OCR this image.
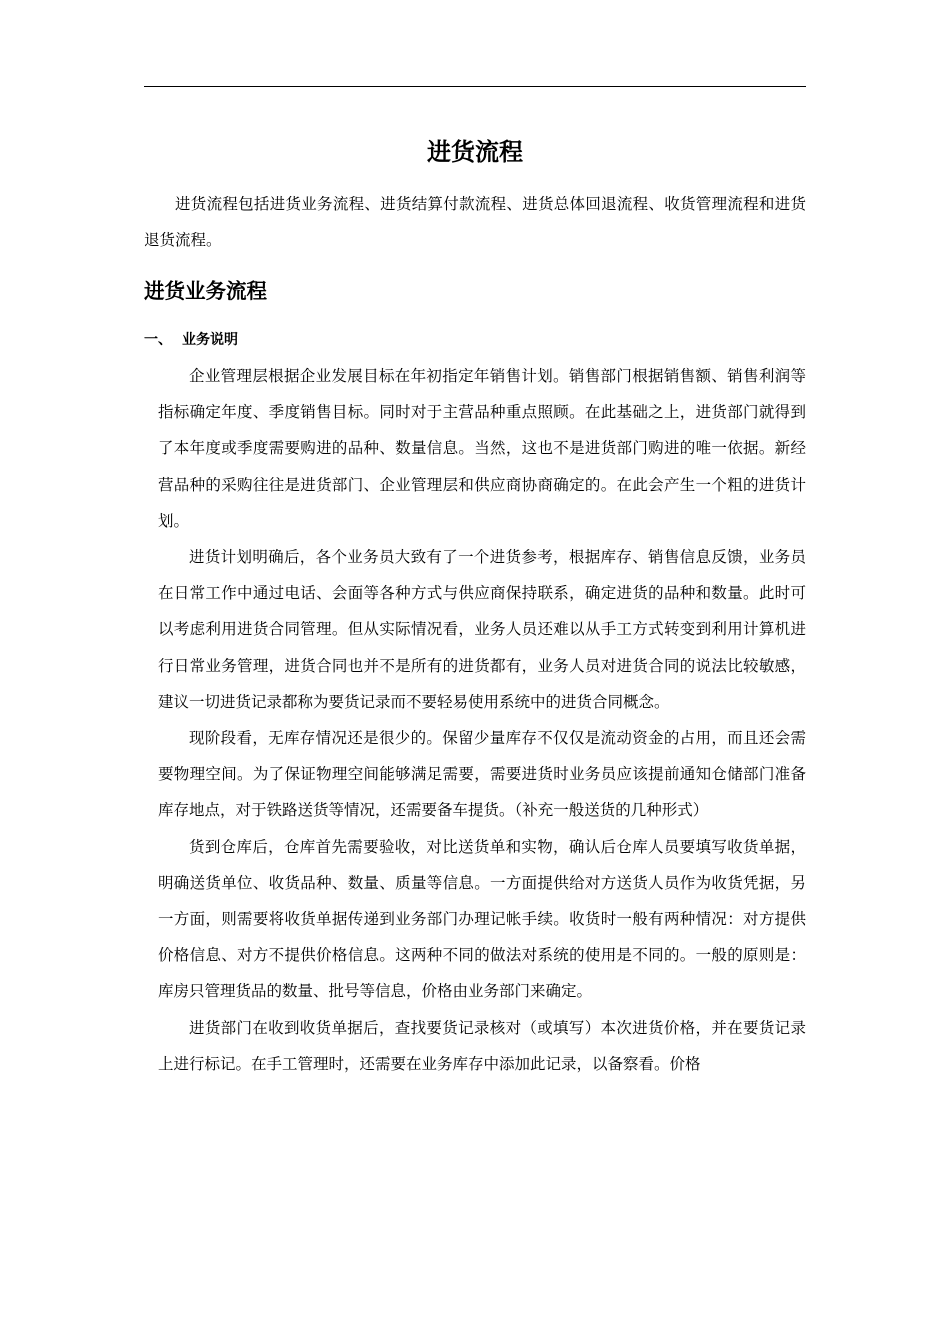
进货流程

进货流程包括进货业务流程、进货结算付款流程、进货总体回退流程、收货管理流程和进货退货流程。

进货业务流程
一、 业务说明

企业管理层根据企业发展目标在年初指定年销售计划。销售部门根据销售额、销售利润等指标确定年度、季度销售目标。同时对于主营品种重点照顾。在此基础之上，进货部门就得到了本年度或季度需要购进的品种、数量信息。当然，这也不是进货部门购进的唯一依据。新经营品种的采购往往是进货部门、企业管理层和供应商协商确定的。在此会产生一个粗的进货计划。

进货计划明确后，各个业务员大致有了一个进货参考，根据库存、销售信息反馈，业务员在日常工作中通过电话、会面等各种方式与供应商保持联系，确定进货的品种和数量。此时可以考虑利用进货合同管理。但从实际情况看，业务人员还难以从手工方式转变到利用计算机进行日常业务管理，进货合同也并不是所有的进货都有，业务人员对进货合同的说法比较敏感，建议一切进货记录都称为要货记录而不要轻易使用系统中的进货合同概念。

现阶段看，无库存情况还是很少的。保留少量库存不仅仅是流动资金的占用，而且还会需要物理空间。为了保证物理空间能够满足需要，需要进货时业务员应该提前通知仓储部门准备库存地点，对于铁路送货等情况，还需要备车提货。（补充一般送货的几种形式）

货到仓库后，仓库首先需要验收，对比送货单和实物，确认后仓库人员要填写收货单据，明确送货单位、收货品种、数量、质量等信息。一方面提供给对方送货人员作为收货凭据，另一方面，则需要将收货单据传递到业务部门办理记帐手续。收货时一般有两种情况：对方提供价格信息、对方不提供价格信息。这两种不同的做法对系统的使用是不同的。一般的原则是：库房只管理货品的数量、批号等信息，价格由业务部门来确定。

进货部门在收到收货单据后，查找要货记录核对（或填写）本次进货价格，并在要货记录上进行标记。在手工管理时，还需要在业务库存中添加此记录，以备察看。价格
